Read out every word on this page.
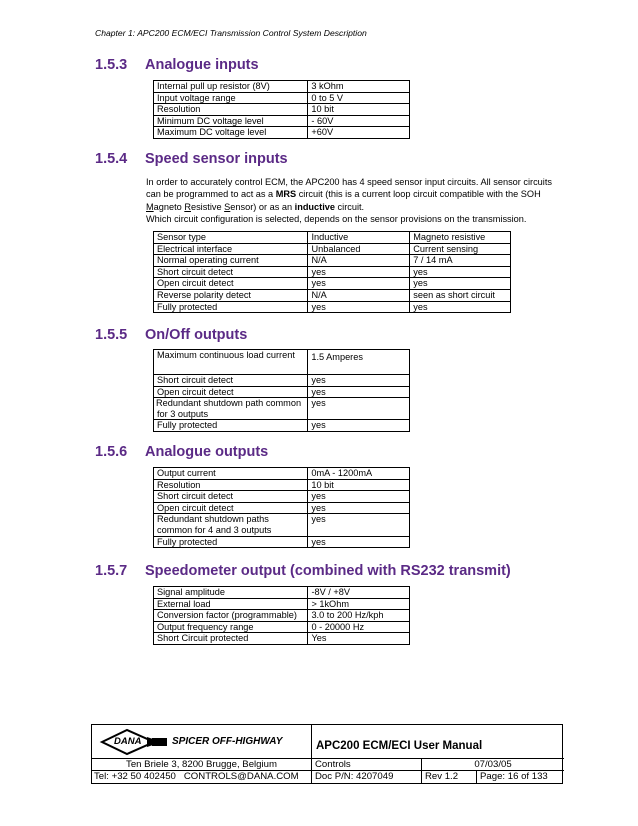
Chapter 1: APC200 ECM/ECI Transmission Control System Description
1.5.3 Analogue inputs
Internal pull up resistor (8V)	3 kOhm
Input voltage range	0 to 5 V
Resolution	10 bit
Minimum DC voltage level	- 60V
Maximum DC voltage level	+60V
1.5.4 Speed sensor inputs
In order to accurately control ECM, the APC200 has 4 speed sensor input circuits. All sensor circuits can be programmed to act as a MRS circuit (this is a current loop circuit compatible with the SOH Magneto Resistive Sensor) or as an inductive circuit.
Which circuit configuration is selected, depends on the sensor provisions on the transmission.
Sensor type	Inductive	Magneto resistive
Electrical interface	Unbalanced	Current sensing
Normal operating current	N/A	7 / 14 mA
Short circuit detect	yes	yes
Open circuit detect	yes	yes
Reverse polarity detect	N/A	seen as short circuit
Fully protected	yes	yes
1.5.5 On/Off outputs
Maximum continuous load current	1.5 Amperes
Short circuit detect	yes
Open circuit detect	yes
Redundant shutdown path common for 3 outputs	yes
Fully protected	yes
1.5.6 Analogue outputs
Output current	0mA - 1200mA
Resolution	10 bit
Short circuit detect	yes
Open circuit detect	yes
Redundant shutdown paths common for 4 and 3 outputs	yes
Fully protected	yes
1.5.7 Speedometer output (combined with RS232 transmit)
Signal amplitude	-8V / +8V
External load	> 1kOhm
Conversion factor (programmable)	3.0 to 200 Hz/kph
Output frequency range	0 - 20000 Hz
Short Circuit protected	Yes
DANA	SPICER OFF-HIGHWAY	APC200 ECM/ECI User Manual
Ten Briele 3, 8200 Brugge, Belgium	Controls	07/03/05
Tel: +32 50 402450   CONTROLS@DANA.COM	Doc P/N: 4207049	Rev 1.2	Page: 16 of 133
